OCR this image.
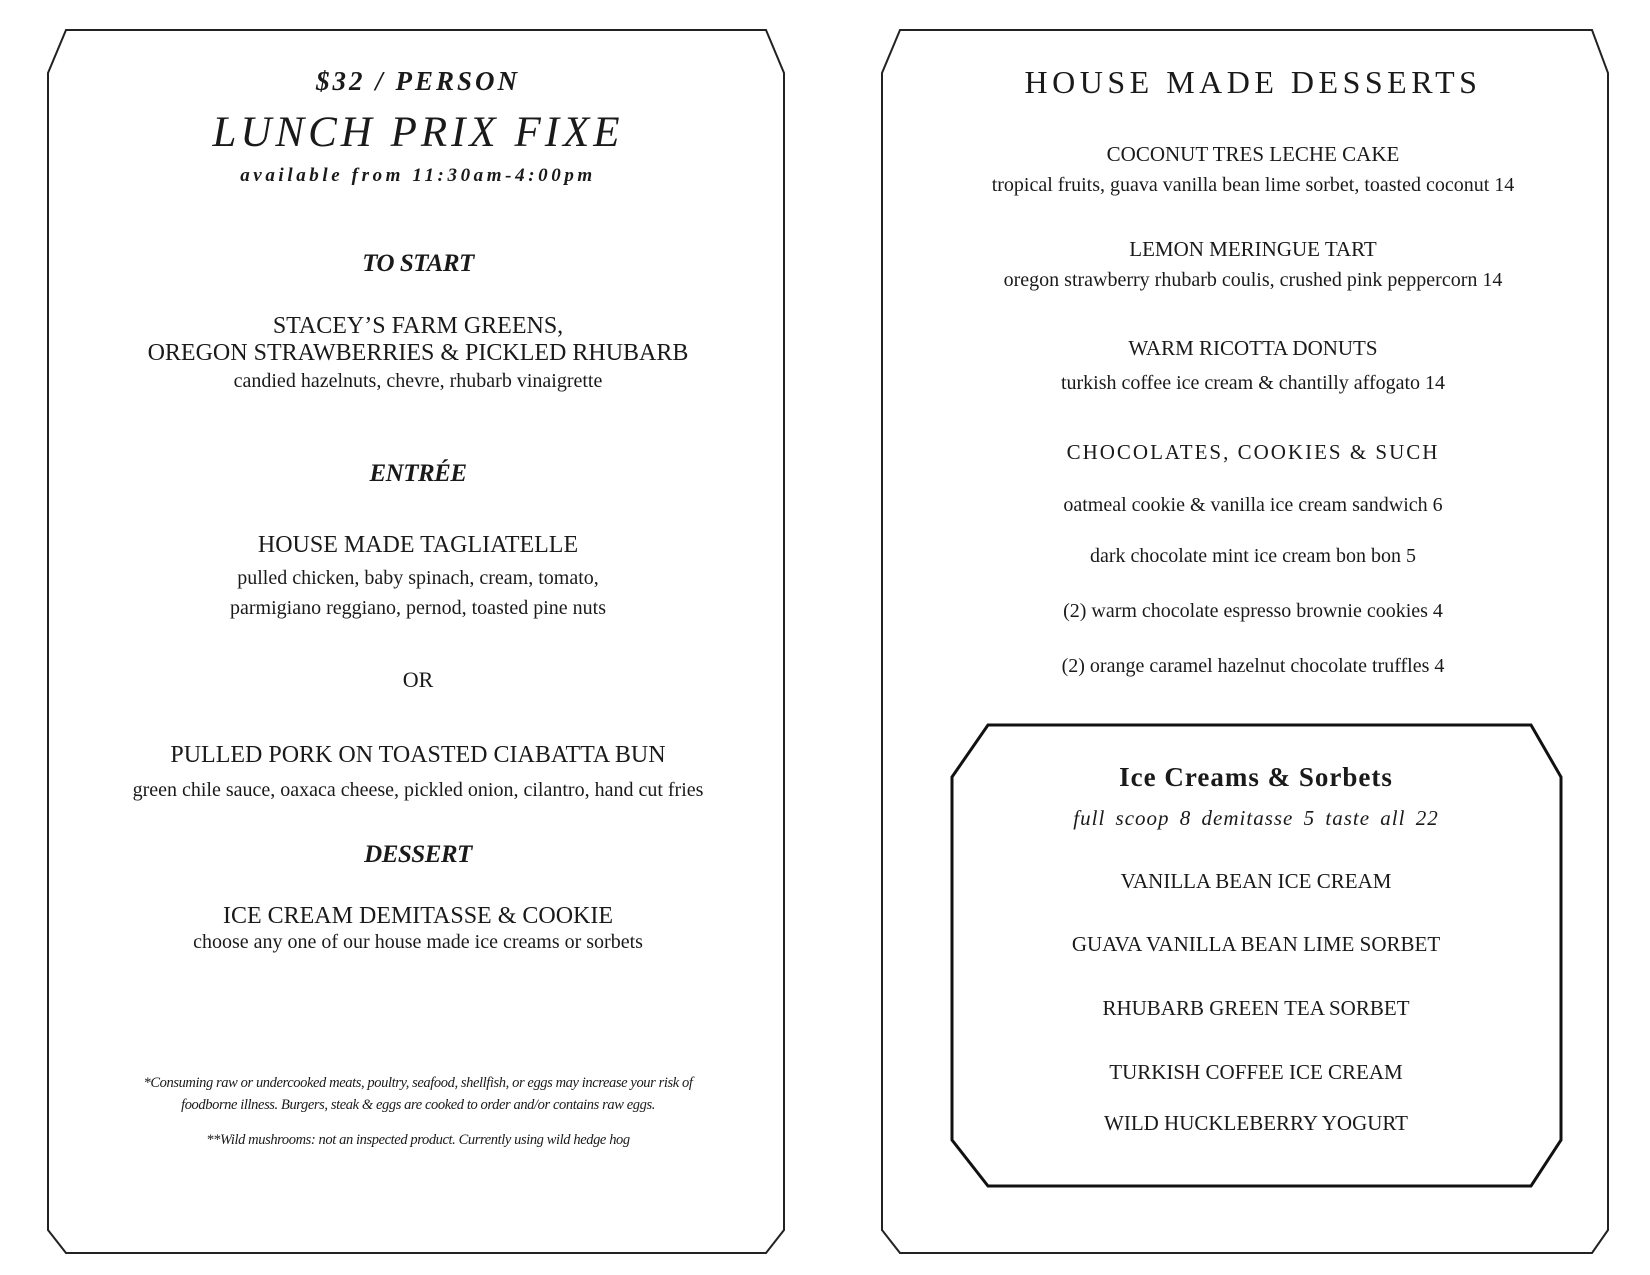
$32 / PERSON
LUNCH PRIX FIXE
available from 11:30am-4:00pm
TO START
STACEY’S FARM GREENS,
OREGON STRAWBERRIES & PICKLED RHUBARB
candied hazelnuts, chevre, rhubarb vinaigrette
ENTRÉE
HOUSE MADE TAGLIATELLE
pulled chicken, baby spinach, cream, tomato,
parmigiano reggiano, pernod, toasted pine nuts
OR
PULLED PORK ON TOASTED CIABATTA BUN
green chile sauce, oaxaca cheese, pickled onion, cilantro, hand cut fries
DESSERT
ICE CREAM DEMITASSE & COOKIE
choose any one of our house made ice creams or sorbets
*Consuming raw or undercooked meats, poultry, seafood, shellfish, or eggs may increase your risk of
foodborne illness. Burgers, steak & eggs are cooked to order and/or contains raw eggs.
**Wild mushrooms: not an inspected product. Currently using wild hedge hog
HOUSE MADE DESSERTS
COCONUT TRES LECHE CAKE
tropical fruits, guava vanilla bean lime sorbet, toasted coconut 14
LEMON MERINGUE TART
oregon strawberry rhubarb coulis, crushed pink peppercorn 14
WARM RICOTTA DONUTS
turkish coffee ice cream & chantilly affogato 14
CHOCOLATES, COOKIES & SUCH
oatmeal cookie & vanilla ice cream sandwich 6
dark chocolate mint ice cream bon bon 5
(2) warm chocolate espresso brownie cookies 4
(2) orange caramel hazelnut chocolate truffles 4
Ice Creams & Sorbets
full scoop 8 demitasse 5 taste all 22
VANILLA BEAN ICE CREAM
GUAVA VANILLA BEAN LIME SORBET
RHUBARB GREEN TEA SORBET
TURKISH COFFEE ICE CREAM
WILD HUCKLEBERRY YOGURT
